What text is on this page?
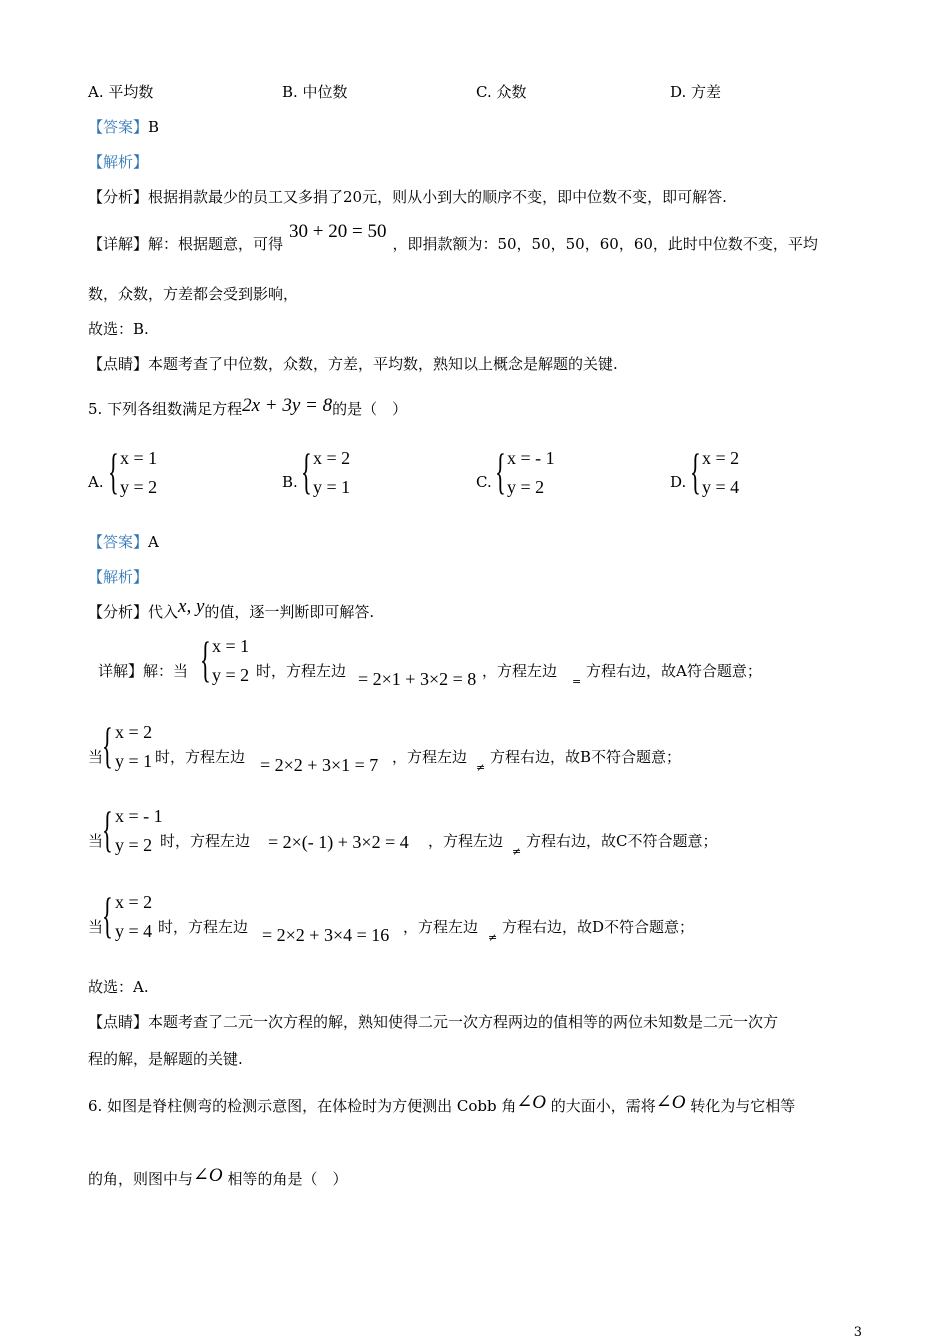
A. 平均数	B. 中位数	C. 众数	D. 方差
【答案】B
【解析】
【分析】根据捐款最少的员工又多捐了20元，则从小到大的顺序不变，即中位数不变，即可解答.
【详解】解：根据题意，可得30 + 20 = 50，即捐款额为：50，50，50，60，60，此时中位数不变，平均
数，众数，方差都会受到影响，
故选：B.
【点睛】本题考查了中位数，众数，方差，平均数，熟知以上概念是解题的关键.
5. 下列各组数满足方程2x + 3y = 8的是（　）
A. { x = 1
y = 2	B. { x = 2
y = 1	C. { x = - 1
y = 2	D. { x = 2
y = 4
【答案】A
【解析】
【分析】代入x, y的值，逐一判断即可解答.
详解】解：当 { x = 1
y = 2 时，方程左边 = 2×1 + 3×2 = 8 ，方程左边
=
方程右边，故A符合题意；
当
{ x = 2
y = 1 时，方程左边 = 2×2 + 3×1 = 7 ，方程左边
≠
方程右边，故B不符合题意；
当
{ x = - 1
y = 2 时，方程左边 = 2×(- 1) + 3×2 = 4 ，方程左边
≠
方程右边，故C不符合题意；
当
{ x = 2
y = 4 时，方程左边 = 2×2 + 3×4 = 16 ，方程左边
≠
方程右边，故D不符合题意；
故选：A.
【点睛】本题考查了二元一次方程的解，熟知使得二元一次方程两边的值相等的两位未知数是二元一次方
程的解，是解题的关键.
6. 如图是脊柱侧弯的检测示意图，在体检时为方便测出 Cobb 角∠O 的大面小，需将∠O 转化为与它相等
的角，则图中与∠O 相等的角是（　）
3
